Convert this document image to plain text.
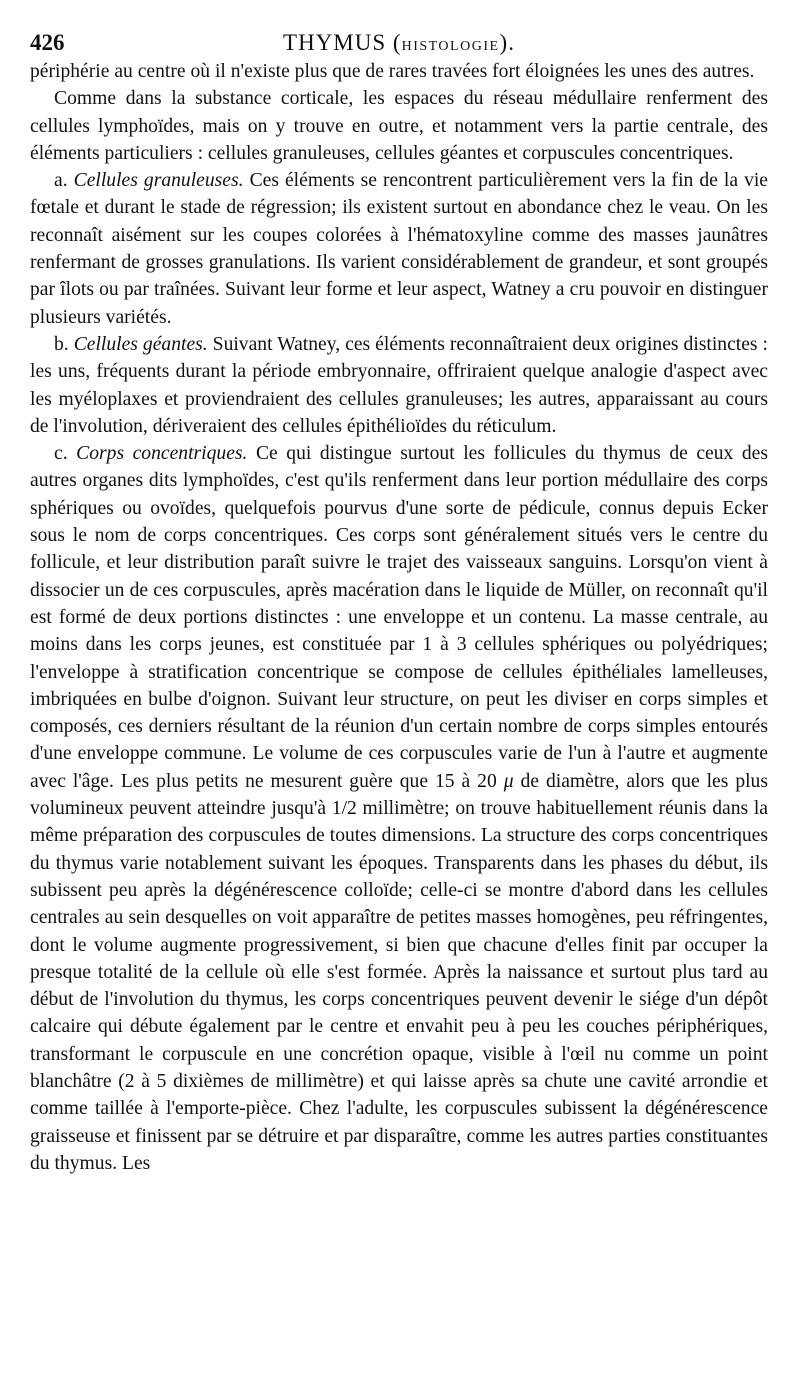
426	THYMUS (HISTOLOGIE).

périphérie au centre où il n'existe plus que de rares travées fort éloignées les unes des autres.

Comme dans la substance corticale, les espaces du réseau médullaire renferment des cellules lymphoïdes, mais on y trouve en outre, et notamment vers la partie centrale, des éléments particuliers : cellules granuleuses, cellules géantes et corpuscules concentriques.

a. Cellules granuleuses. Ces éléments se rencontrent particulièrement vers la fin de la vie fœtale et durant le stade de régression; ils existent surtout en abondance chez le veau. On les reconnaît aisément sur les coupes colorées à l'hématoxyline comme des masses jaunâtres renfermant de grosses granulations. Ils varient considérablement de grandeur, et sont groupés par îlots ou par traînées. Suivant leur forme et leur aspect, Watney a cru pouvoir en distinguer plusieurs variétés.

b. Cellules géantes. Suivant Watney, ces éléments reconnaîtraient deux origines distinctes : les uns, fréquents durant la période embryonnaire, offriraient quelque analogie d'aspect avec les myéloplaxes et proviendraient des cellules granuleuses; les autres, apparaissant au cours de l'involution, dériveraient des cellules épithélioïdes du réticulum.

c. Corps concentriques. Ce qui distingue surtout les follicules du thymus de ceux des autres organes dits lymphoïdes, c'est qu'ils renferment dans leur portion médullaire des corps sphériques ou ovoïdes, quelquefois pourvus d'une sorte de pédicule, connus depuis Ecker sous le nom de corps concentriques. Ces corps sont généralement situés vers le centre du follicule, et leur distribution paraît suivre le trajet des vaisseaux sanguins. Lorsqu'on vient à dissocier un de ces corpuscules, après macération dans le liquide de Müller, on reconnaît qu'il est formé de deux portions distinctes : une enveloppe et un contenu. La masse centrale, au moins dans les corps jeunes, est constituée par 1 à 3 cellules sphériques ou polyédriques; l'enveloppe à stratification concentrique se compose de cellules épithéliales lamelleuses, imbriquées en bulbe d'oignon. Suivant leur structure, on peut les diviser en corps simples et composés, ces derniers résultant de la réunion d'un certain nombre de corps simples entourés d'une enveloppe commune. Le volume de ces corpuscules varie de l'un à l'autre et augmente avec l'âge. Les plus petits ne mesurent guère que 15 à 20 μ de diamètre, alors que les plus volumineux peuvent atteindre jusqu'à 1/2 millimètre; on trouve habituellement réunis dans la même préparation des corpuscules de toutes dimensions. La structure des corps concentriques du thymus varie notablement suivant les époques. Transparents dans les phases du début, ils subissent peu après la dégénérescence colloïde; celle-ci se montre d'abord dans les cellules centrales au sein desquelles on voit apparaître de petites masses homogènes, peu réfringentes, dont le volume augmente progressivement, si bien que chacune d'elles finit par occuper la presque totalité de la cellule où elle s'est formée. Après la naissance et surtout plus tard au début de l'involution du thymus, les corps concentriques peuvent devenir le siége d'un dépôt calcaire qui débute également par le centre et envahit peu à peu les couches périphériques, transformant le corpuscule en une concrétion opaque, visible à l'œil nu comme un point blanchâtre (2 à 5 dixièmes de millimètre) et qui laisse après sa chute une cavité arrondie et comme taillée à l'emporte-pièce. Chez l'adulte, les corpuscules subissent la dégénérescence graisseuse et finissent par se détruire et par disparaître, comme les autres parties constituantes du thymus. Les
